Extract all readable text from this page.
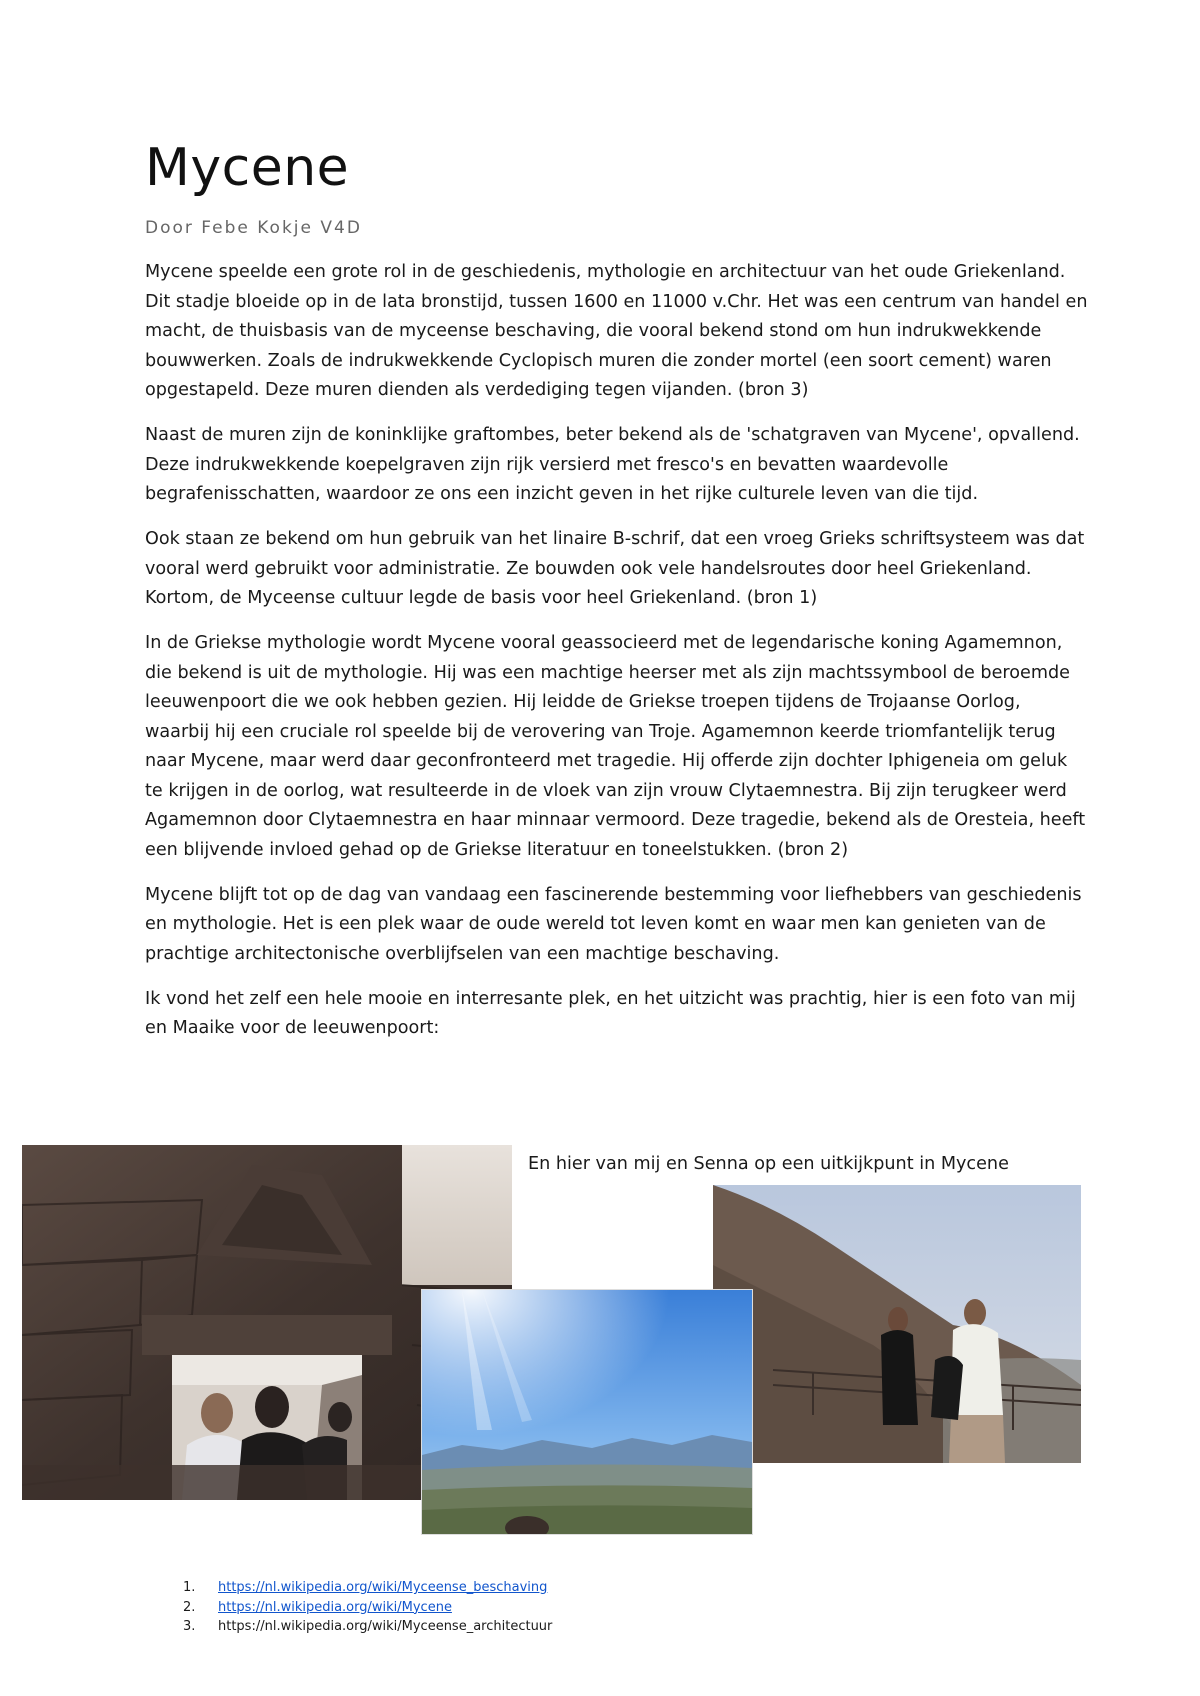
Mycene

Door Febe Kokje V4D

Mycene speelde een grote rol in de geschiedenis, mythologie en architectuur van het oude Griekenland. Dit stadje bloeide op in de lata bronstijd, tussen 1600 en 11000 v.Chr. Het was een centrum van handel en macht, de thuisbasis van de myceense beschaving, die vooral bekend stond om hun indrukwekkende bouwwerken. Zoals de indrukwekkende Cyclopisch muren die zonder mortel (een soort cement) waren opgestapeld. Deze muren dienden als verdediging tegen vijanden. (bron 3)

Naast de muren zijn de koninklijke graftombes, beter bekend als de 'schatgraven van Mycene', opvallend. Deze indrukwekkende koepelgraven zijn rijk versierd met fresco's en bevatten waardevolle begrafenisschatten, waardoor ze ons een inzicht geven in het rijke culturele leven van die tijd.

Ook staan ze bekend om hun gebruik van het linaire B-schrif, dat een vroeg Grieks schriftsysteem was dat vooral werd gebruikt voor administratie. Ze bouwden ook vele handelsroutes door heel Griekenland. Kortom, de Myceense cultuur legde de basis voor heel Griekenland. (bron 1)

In de Griekse mythologie wordt Mycene vooral geassocieerd met de legendarische koning Agamemnon, die bekend is uit de mythologie. Hij was een machtige heerser met als zijn machtssymbool de beroemde leeuwenpoort die we ook hebben gezien. Hij leidde de Griekse troepen tijdens de Trojaanse Oorlog, waarbij hij een cruciale rol speelde bij de verovering van Troje. Agamemnon keerde triomfantelijk terug naar Mycene, maar werd daar geconfronteerd met tragedie. Hij offerde zijn dochter Iphigeneia om geluk te krijgen in de oorlog, wat resulteerde in de vloek van zijn vrouw Clytaemnestra. Bij zijn terugkeer werd Agamemnon door Clytaemnestra en haar minnaar vermoord. Deze tragedie, bekend als de Oresteia, heeft een blijvende invloed gehad op de Griekse literatuur en toneelstukken. (bron 2)

Mycene blijft tot op de dag van vandaag een fascinerende bestemming voor liefhebbers van geschiedenis en mythologie. Het is een plek waar de oude wereld tot leven komt en waar men kan genieten van de prachtige architectonische overblijfselen van een machtige beschaving.

Ik vond het zelf een hele mooie en interresante plek, en het uitzicht was prachtig, hier is een foto van mij en Maaike voor de leeuwenpoort:

En hier van mij en Senna op een uitkijkpunt in Mycene

1.	https://nl.wikipedia.org/wiki/Myceense_beschaving
2.	https://nl.wikipedia.org/wiki/Mycene
3.	https://nl.wikipedia.org/wiki/Myceense_architectuur
